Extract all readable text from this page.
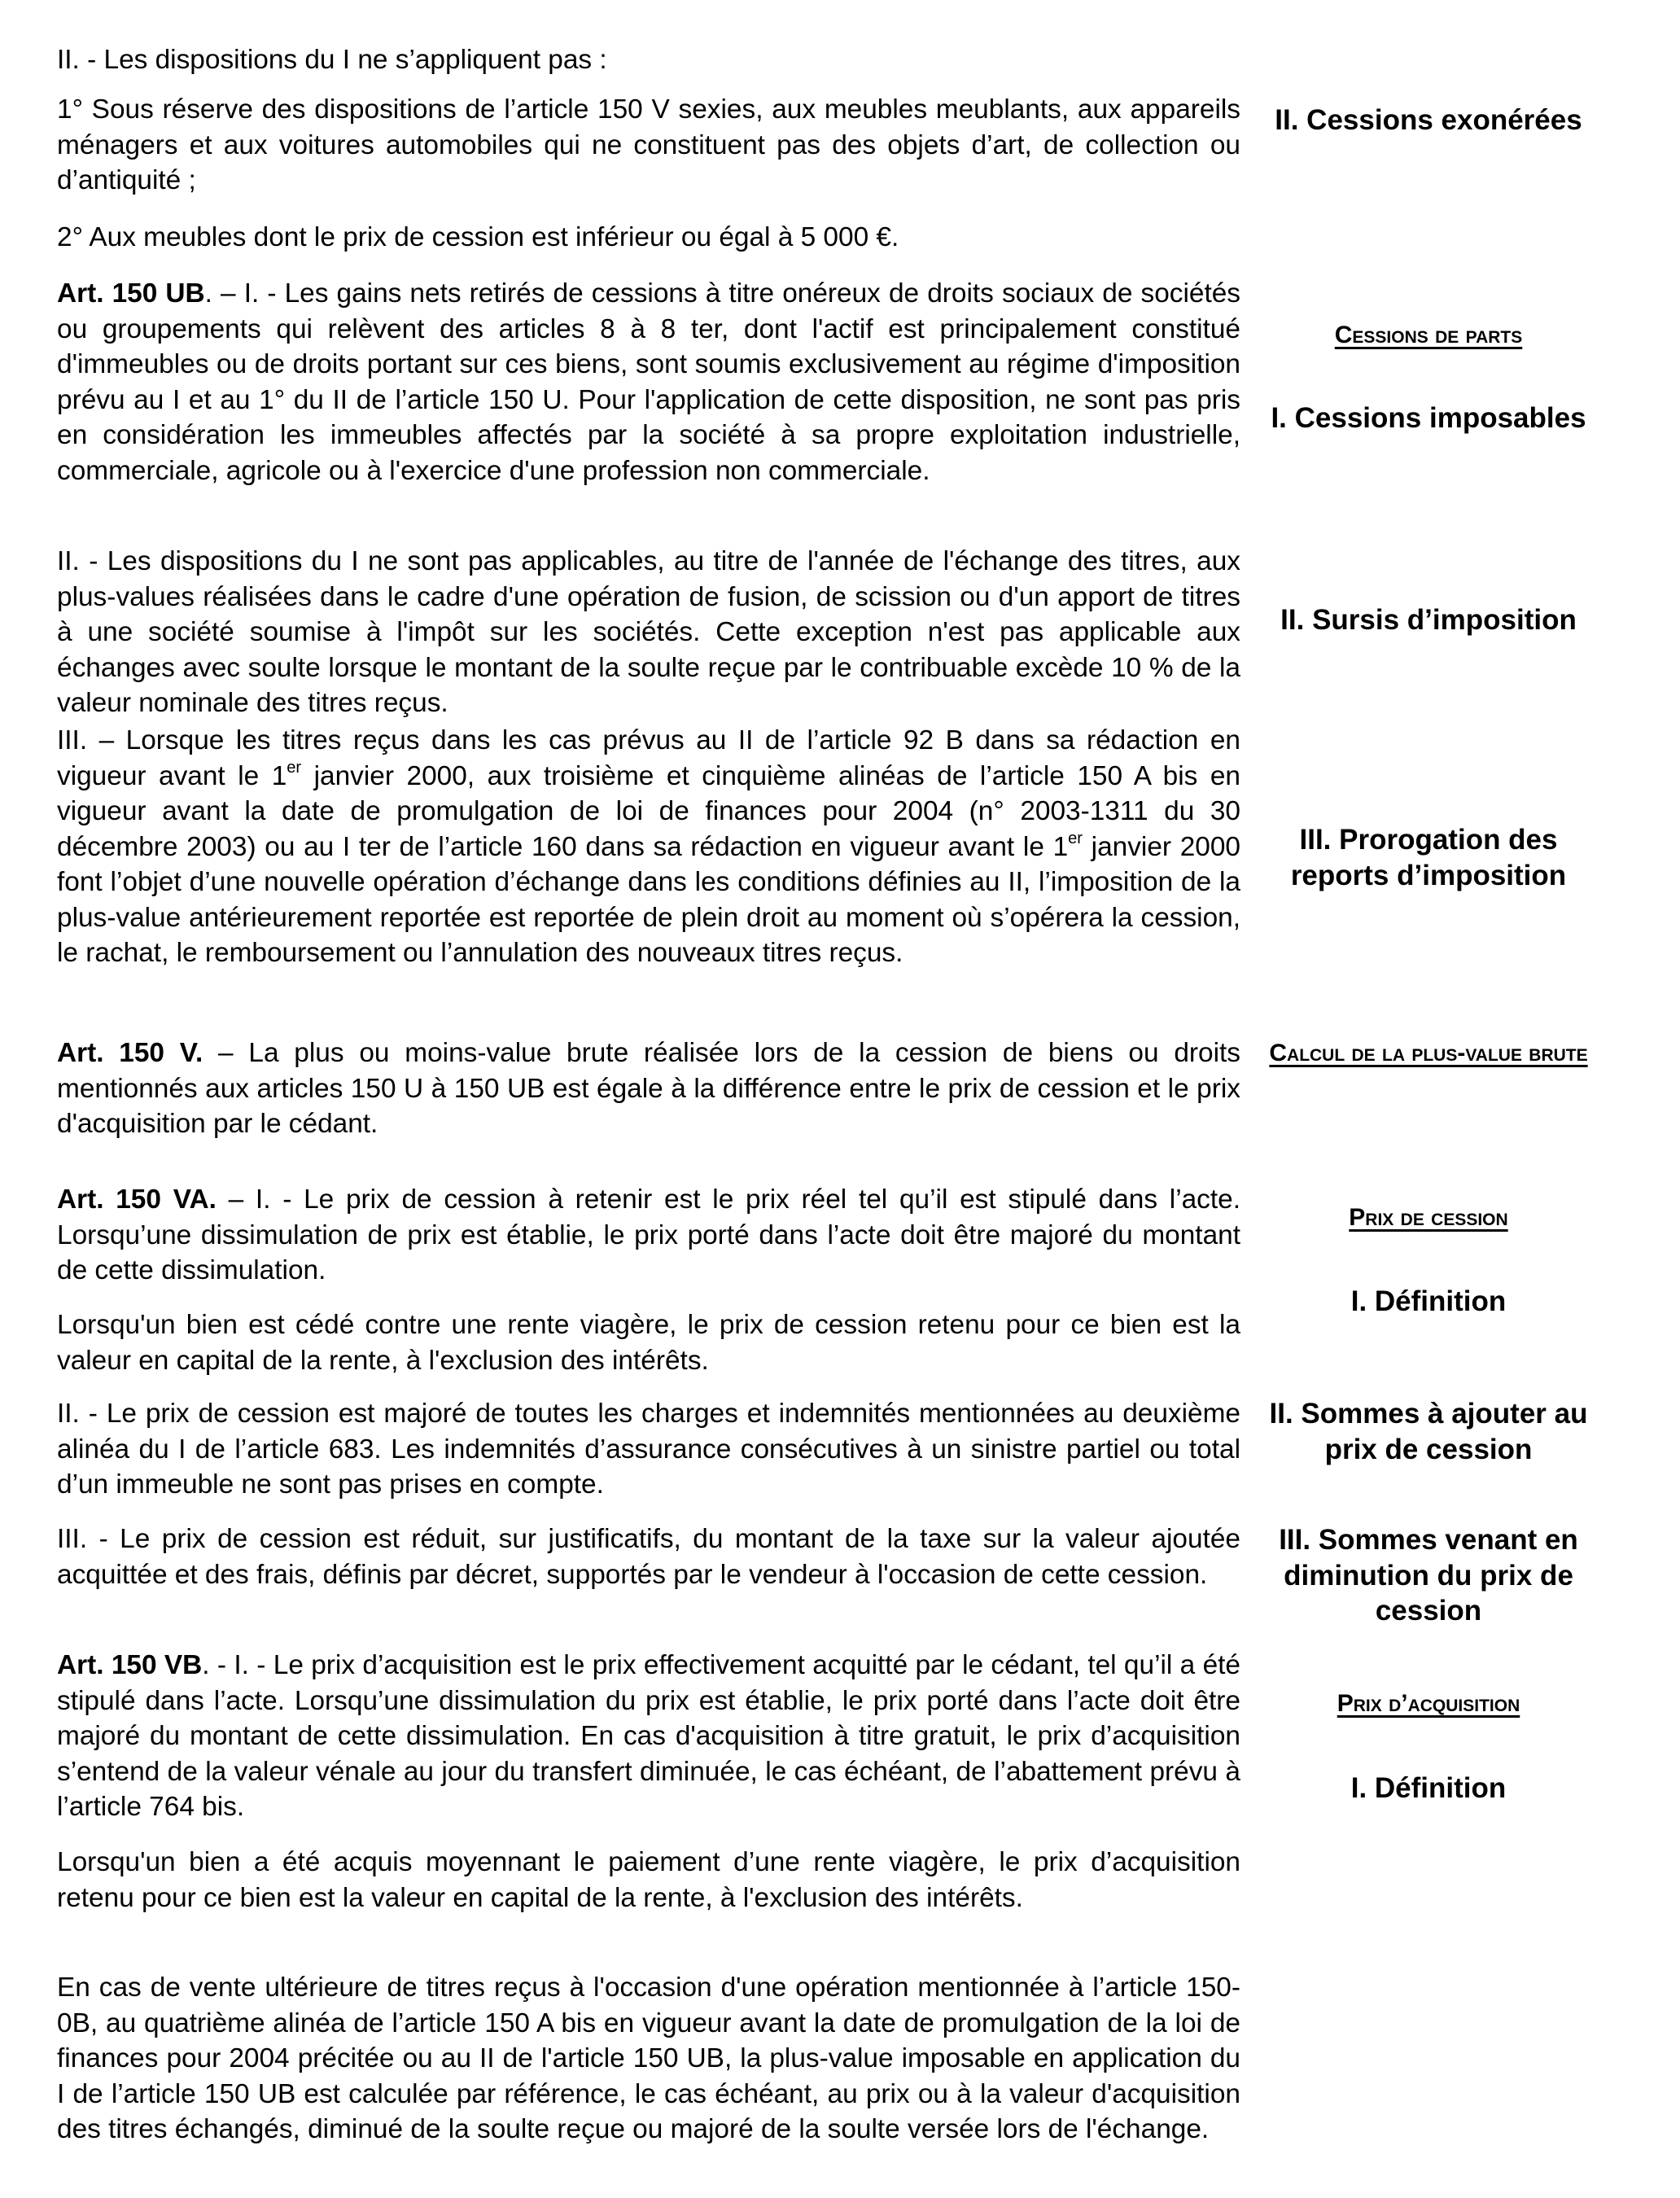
II. - Les dispositions du I ne s’appliquent pas :

1° Sous réserve des dispositions de l’article 150 V sexies, aux meubles meublants, aux appareils ménagers et aux voitures automobiles qui ne constituent pas des objets d’art, de collection ou d’antiquité ;

2° Aux meubles dont le prix de cession est inférieur ou égal à 5 000 €.

Art. 150 UB. – I. - Les gains nets retirés de cessions à titre onéreux de droits sociaux de sociétés ou groupements qui relèvent des articles 8 à 8 ter, dont l'actif est principalement constitué d'immeubles ou de droits portant sur ces biens, sont soumis exclusivement au régime d'imposition prévu au I et au 1° du II de l’article 150 U. Pour l'application de cette disposition, ne sont pas pris en considération les immeubles affectés par la société à sa propre exploitation industrielle, commerciale, agricole ou à l'exercice d'une profession non commerciale.

II. - Les dispositions du I ne sont pas applicables, au titre de l'année de l'échange des titres, aux plus-values réalisées dans le cadre d'une opération de fusion, de scission ou d'un apport de titres à une société soumise à l'impôt sur les sociétés. Cette exception n'est pas applicable aux échanges avec soulte lorsque le montant de la soulte reçue par le contribuable excède 10 % de la valeur nominale des titres reçus.

III. – Lorsque les titres reçus dans les cas prévus au II de l’article 92 B dans sa rédaction en vigueur avant le 1er janvier 2000, aux troisième et cinquième alinéas de l’article 150 A bis en vigueur avant la date de promulgation de loi de finances pour 2004 (n° 2003-1311 du 30 décembre 2003) ou au I ter de l’article 160 dans sa rédaction en vigueur avant le 1er janvier 2000 font l’objet d’une nouvelle opération d’échange dans les conditions définies au II, l’imposition de la plus-value antérieurement reportée est reportée de plein droit au moment où s’opérera la cession, le rachat, le remboursement ou l’annulation des nouveaux titres reçus.

Art. 150 V. – La plus ou moins-value brute réalisée lors de la cession de biens ou droits mentionnés aux articles 150 U à 150 UB est égale à la différence entre le prix de cession et le prix d'acquisition par le cédant.

Art. 150 VA. – I. - Le prix de cession à retenir est le prix réel tel qu’il est stipulé dans l’acte. Lorsqu’une dissimulation de prix est établie, le prix porté dans l’acte doit être majoré du montant de cette dissimulation.

Lorsqu'un bien est cédé contre une rente viagère, le prix de cession retenu pour ce bien est la valeur en capital de la rente, à l'exclusion des intérêts.

II. - Le prix de cession est majoré de toutes les charges et indemnités mentionnées au deuxième alinéa du I de l’article 683. Les indemnités d’assurance consécutives à un sinistre partiel ou total d’un immeuble ne sont pas prises en compte.

III. - Le prix de cession est réduit, sur justificatifs, du montant de la taxe sur la valeur ajoutée acquittée et des frais, définis par décret, supportés par le vendeur à l'occasion de cette cession.

Art. 150 VB. - I. - Le prix d’acquisition est le prix effectivement acquitté par le cédant, tel qu’il a été stipulé dans l’acte. Lorsqu’une dissimulation du prix est établie, le prix porté dans l’acte doit être majoré du montant de cette dissimulation. En cas d'acquisition à titre gratuit, le prix d’acquisition s’entend de la valeur vénale au jour du transfert diminuée, le cas échéant, de l’abattement prévu à l’article 764 bis.

Lorsqu'un bien a été acquis moyennant le paiement d’une rente viagère, le prix d’acquisition retenu pour ce bien est la valeur en capital de la rente, à l'exclusion des intérêts.

En cas de vente ultérieure de titres reçus à l'occasion d'une opération mentionnée à l’article 150-0B, au quatrième alinéa de l’article 150 A bis en vigueur avant la date de promulgation de la loi de finances pour 2004 précitée ou au II de l'article 150 UB, la plus-value imposable en application du I de l’article 150 UB est calculée par référence, le cas échéant, au prix ou à la valeur d'acquisition des titres échangés, diminué de la soulte reçue ou majoré de la soulte versée lors de l'échange.

II. Cessions exonérées

Cessions de parts

I. Cessions imposables

II. Sursis d’imposition

III. Prorogation des reports d’imposition

Calcul de la plus-value brute

Prix de cession

I. Définition

II. Sommes à ajouter au prix de cession

III. Sommes venant en diminution du prix de cession

Prix d’acquisition

I. Définition
